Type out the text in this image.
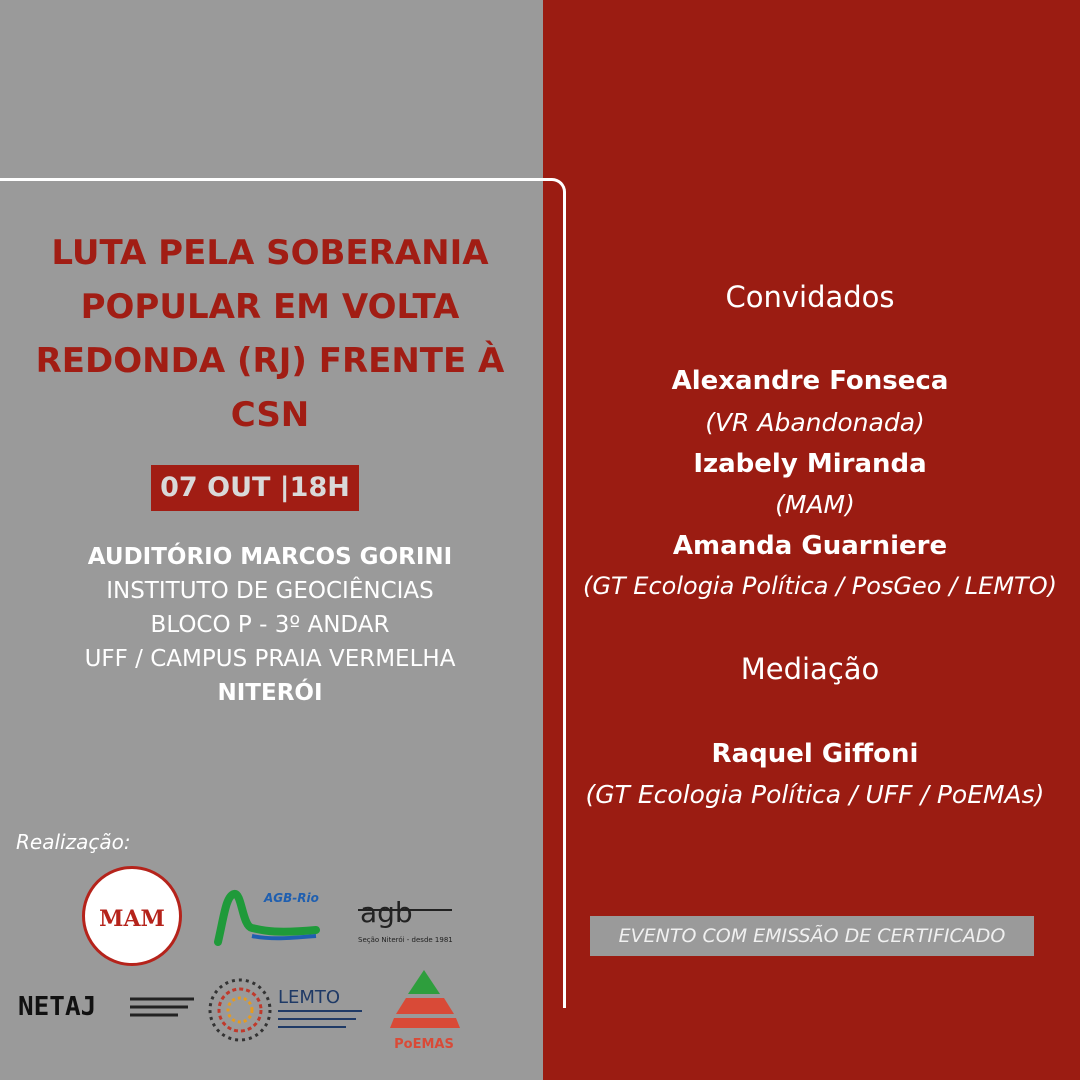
LUTA PELA SOBERANIA
POPULAR EM VOLTA
REDONDA (RJ) FRENTE À
CSN
07 OUT |18H
AUDITÓRIO MARCOS GORINI
INSTITUTO DE GEOCIÊNCIAS
BLOCO P - 3º ANDAR
UFF / CAMPUS PRAIA VERMELHA
NITERÓI
Realização:
MAM
AGB-Rio agb
Seção Niterói - desde 1981
NETAJ	LEMTO
PoEMAS
Convidados
Alexandre Fonseca
(VR Abandonada)
Izabely Miranda
(MAM)
Amanda Guarniere
(GT Ecologia Política / PosGeo / LEMTO)
Mediação
Raquel Giffoni
(GT Ecologia Política / UFF / PoEMAs)
EVENTO COM EMISSÃO DE CERTIFICADO
